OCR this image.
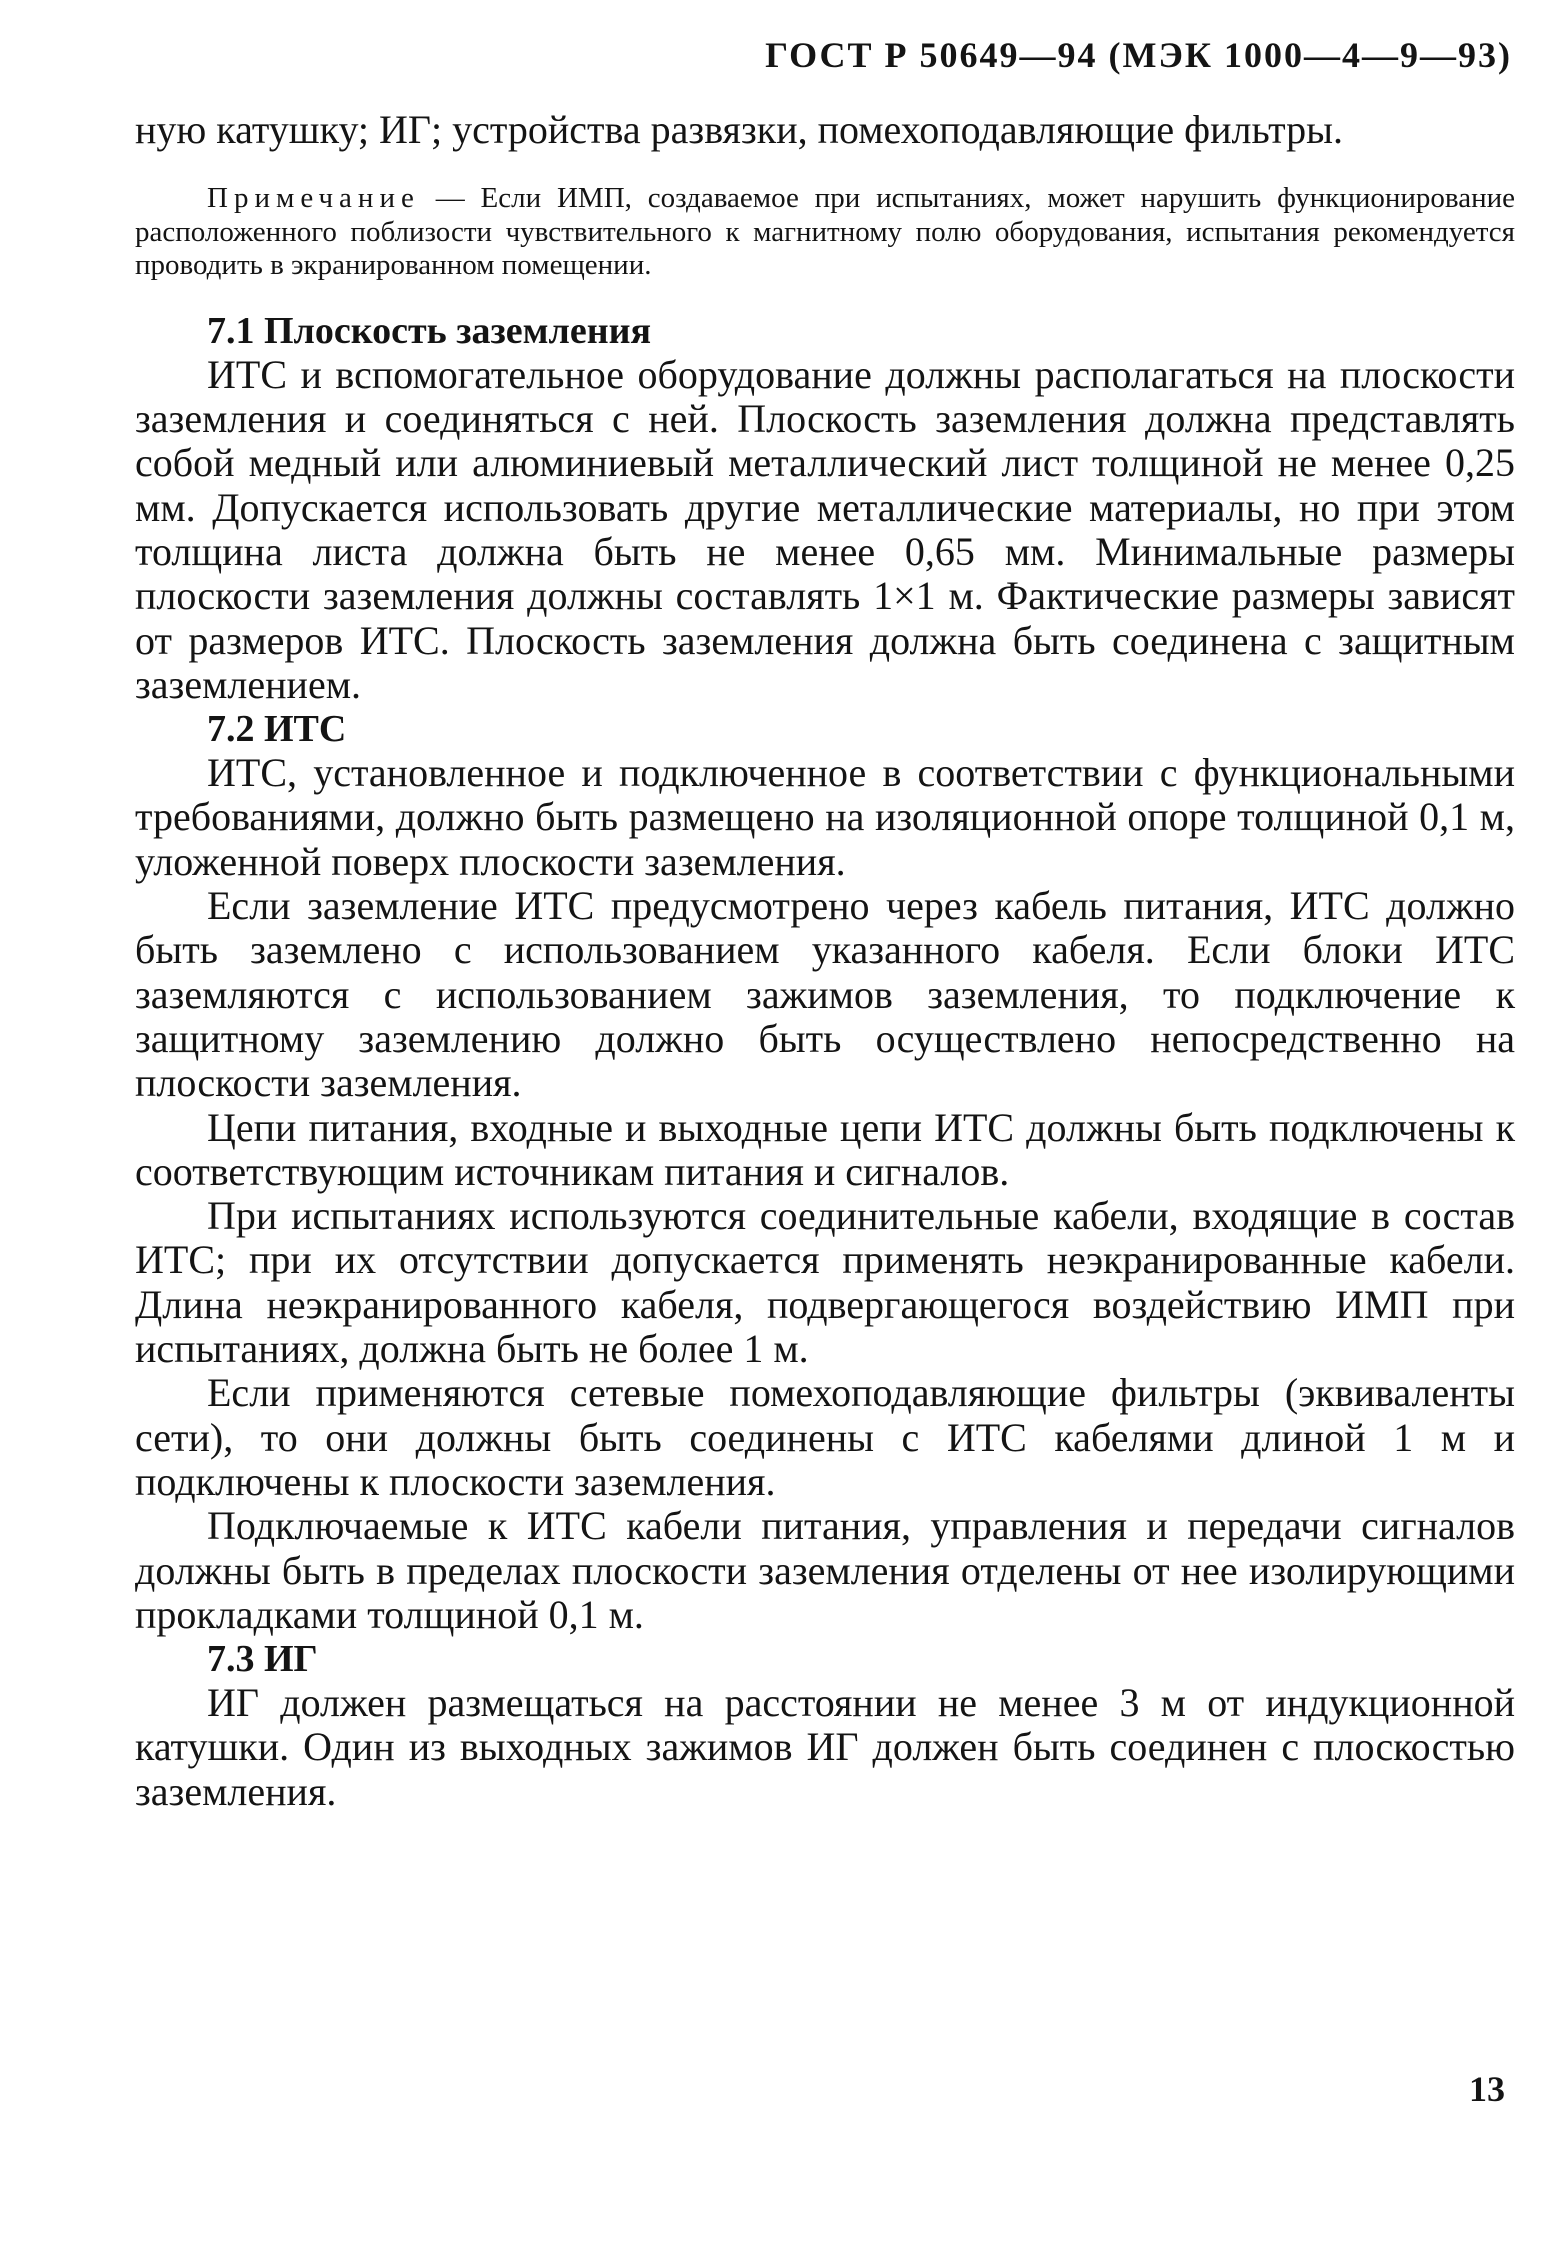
ГОСТ Р 50649—94 (МЭК 1000—4—9—93)

ную катушку; ИГ; устройства развязки, помехоподавляющие фильтры.

Примечание — Если ИМП, создаваемое при испытаниях, может нарушить функционирование расположенного поблизости чувствительного к магнитному полю оборудования, испытания рекомендуется проводить в экранированном помещении.
7.1 Плоскость заземления

ИТС и вспомогательное оборудование должны располагаться на плоскости заземления и соединяться с ней. Плоскость заземления должна представлять собой медный или алюминиевый металлический лист толщиной не менее 0,25 мм. Допускается использовать другие металлические материалы, но при этом толщина листа должна быть не менее 0,65 мм. Минимальные размеры плоскости заземления должны составлять 1×1 м. Фактические размеры зависят от размеров ИТС. Плоскость заземления должна быть соединена с защитным заземлением.

7.2 ИТС

ИТС, установленное и подключенное в соответствии с функциональными требованиями, должно быть размещено на изоляционной опоре толщиной 0,1 м, уложенной поверх плоскости заземления.

Если заземление ИТС предусмотрено через кабель питания, ИТС должно быть заземлено с использованием указанного кабеля. Если блоки ИТС заземляются с использованием зажимов заземления, то подключение к защитному заземлению должно быть осуществлено непосредственно на плоскости заземления.

Цепи питания, входные и выходные цепи ИТС должны быть подключены к соответствующим источникам питания и сигналов.

При испытаниях используются соединительные кабели, входящие в состав ИТС; при их отсутствии допускается применять неэкранированные кабели. Длина неэкранированного кабеля, подвергающегося воздействию ИМП при испытаниях, должна быть не более 1 м.

Если применяются сетевые помехоподавляющие фильтры (эквиваленты сети), то они должны быть соединены с ИТС кабелями длиной 1 м и подключены к плоскости заземления.

Подключаемые к ИТС кабели питания, управления и передачи сигналов должны быть в пределах плоскости заземления отделены от нее изолирующими прокладками толщиной 0,1 м.

7.3 ИГ

ИГ должен размещаться на расстоянии не менее 3 м от индукционной катушки. Один из выходных зажимов ИГ должен быть соединен с плоскостью заземления.

13
